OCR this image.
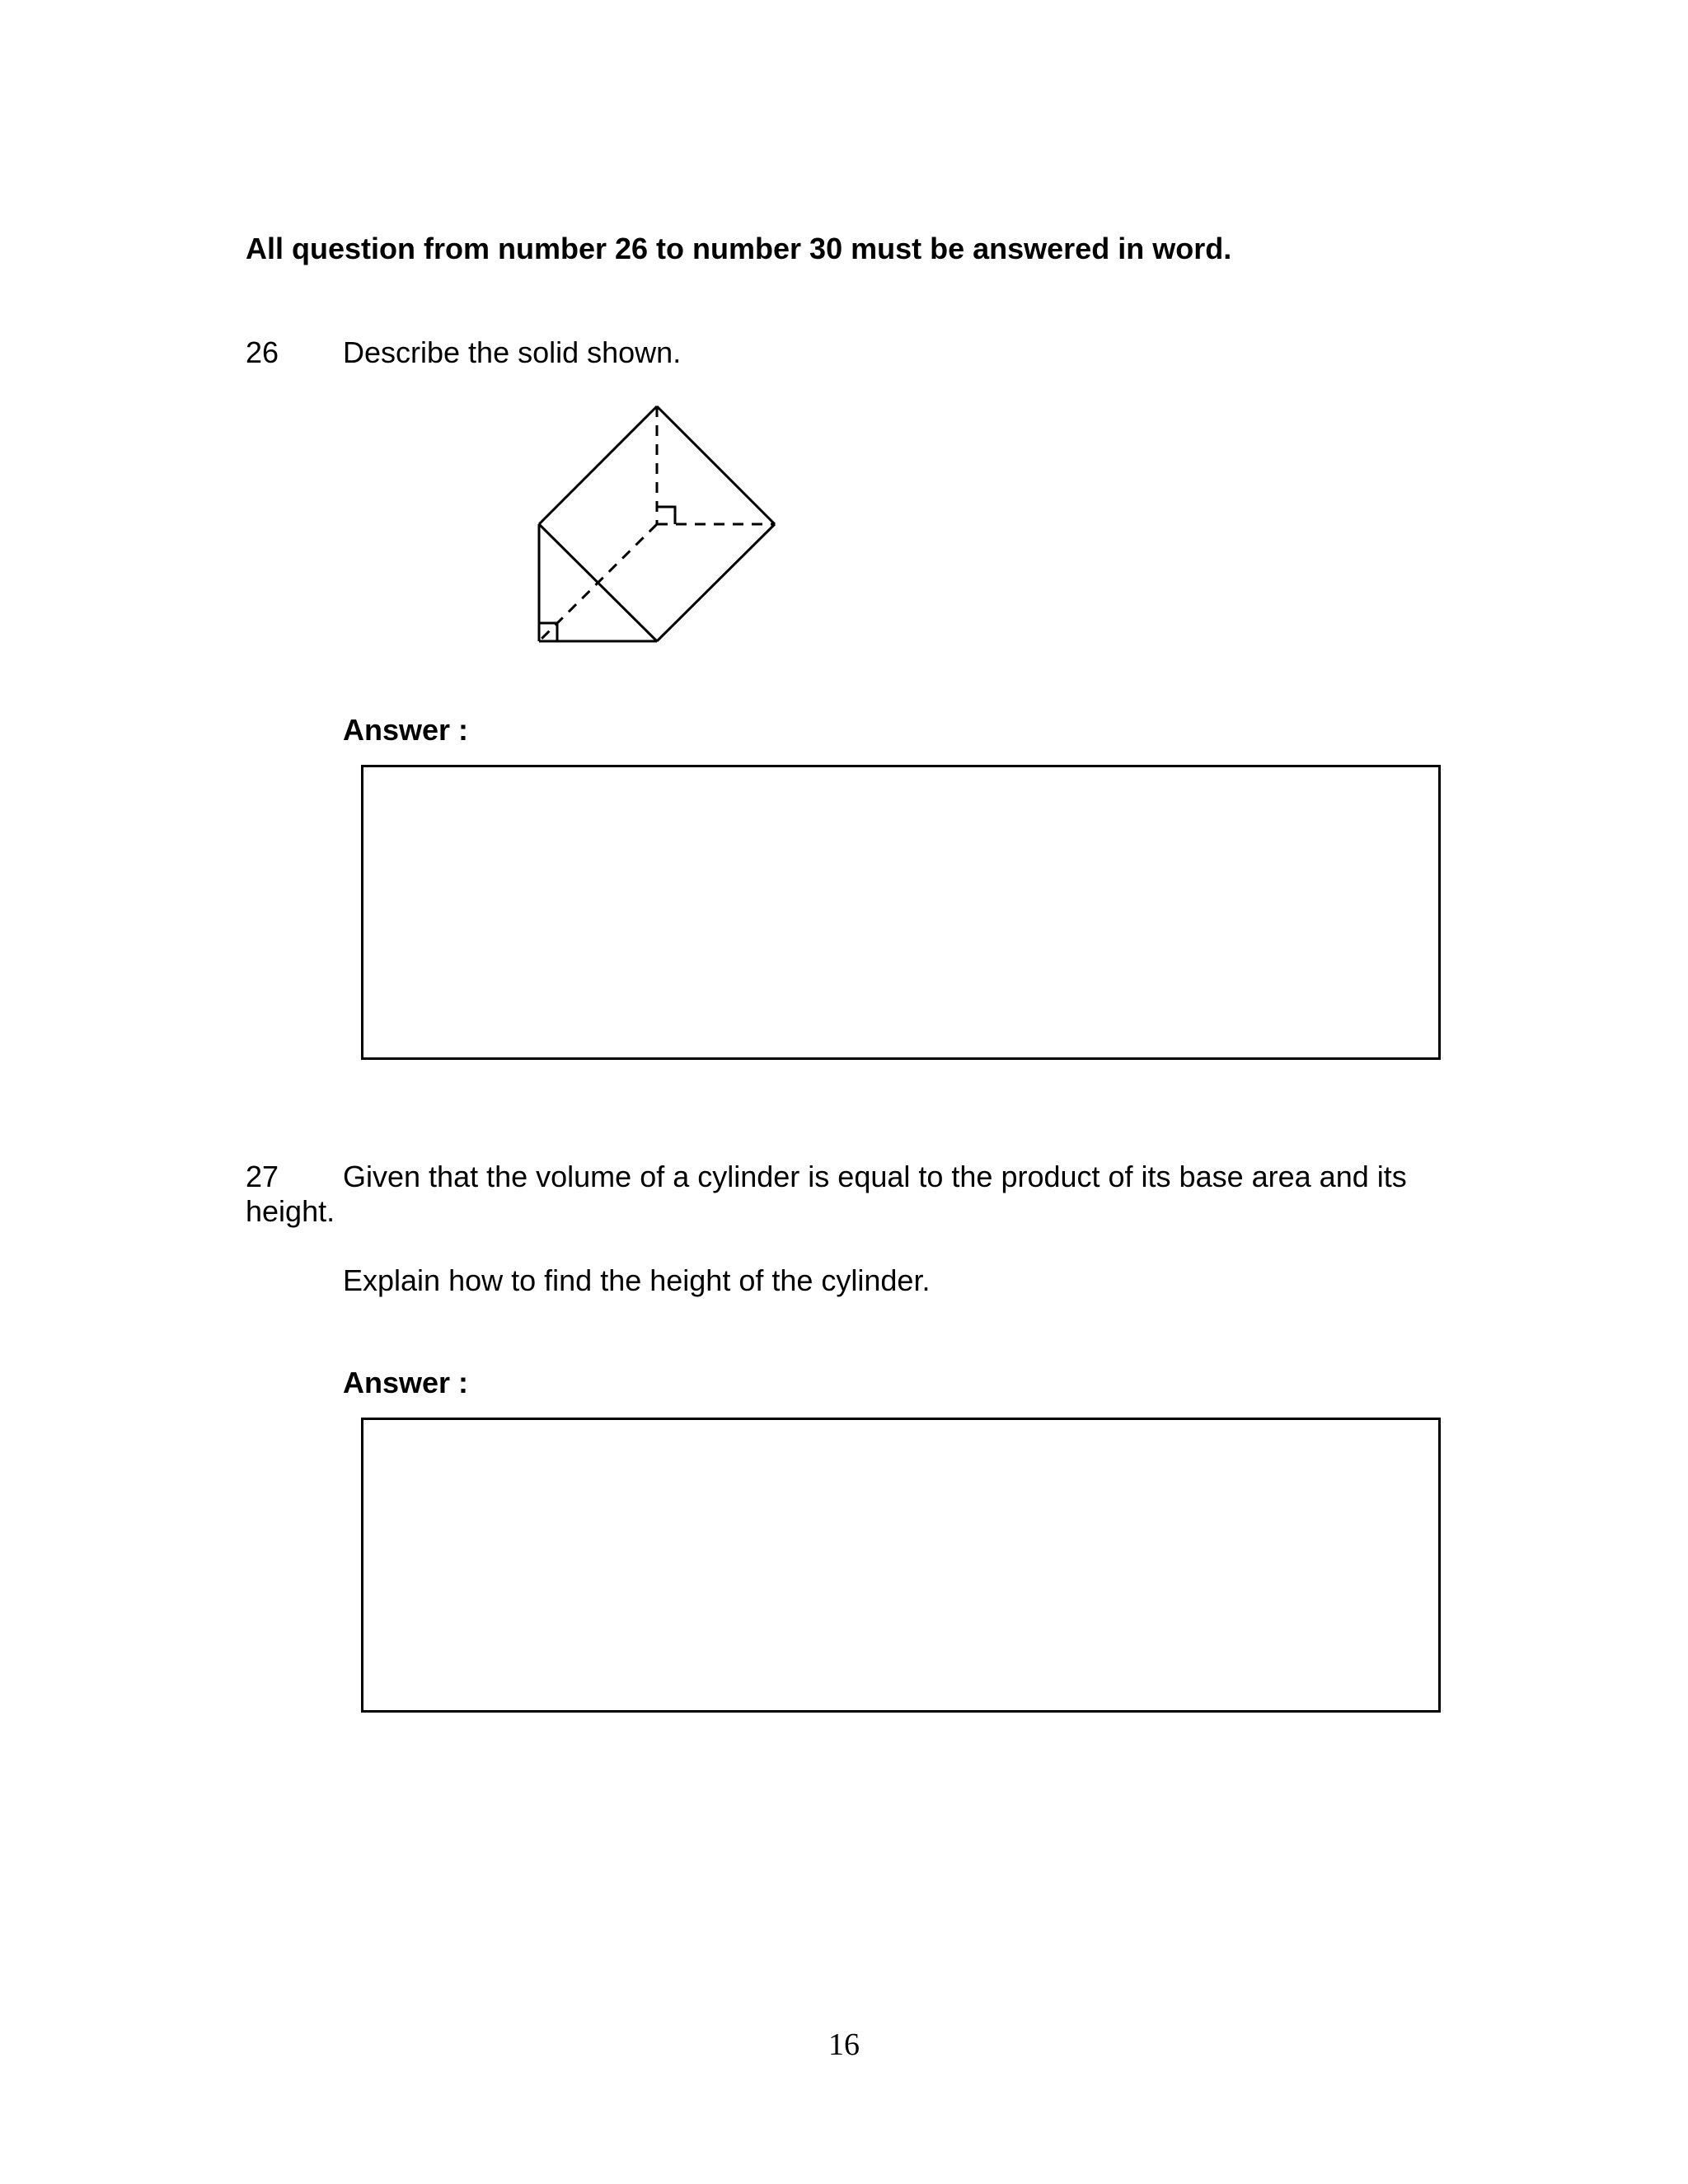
All question from number 26 to number 30 must be answered in word.
26 Describe the solid shown.
Answer :
27 Given that the volume of a cylinder is equal to the product of its base area and its
height.
Explain how to find the height of the cylinder.
Answer :
16
